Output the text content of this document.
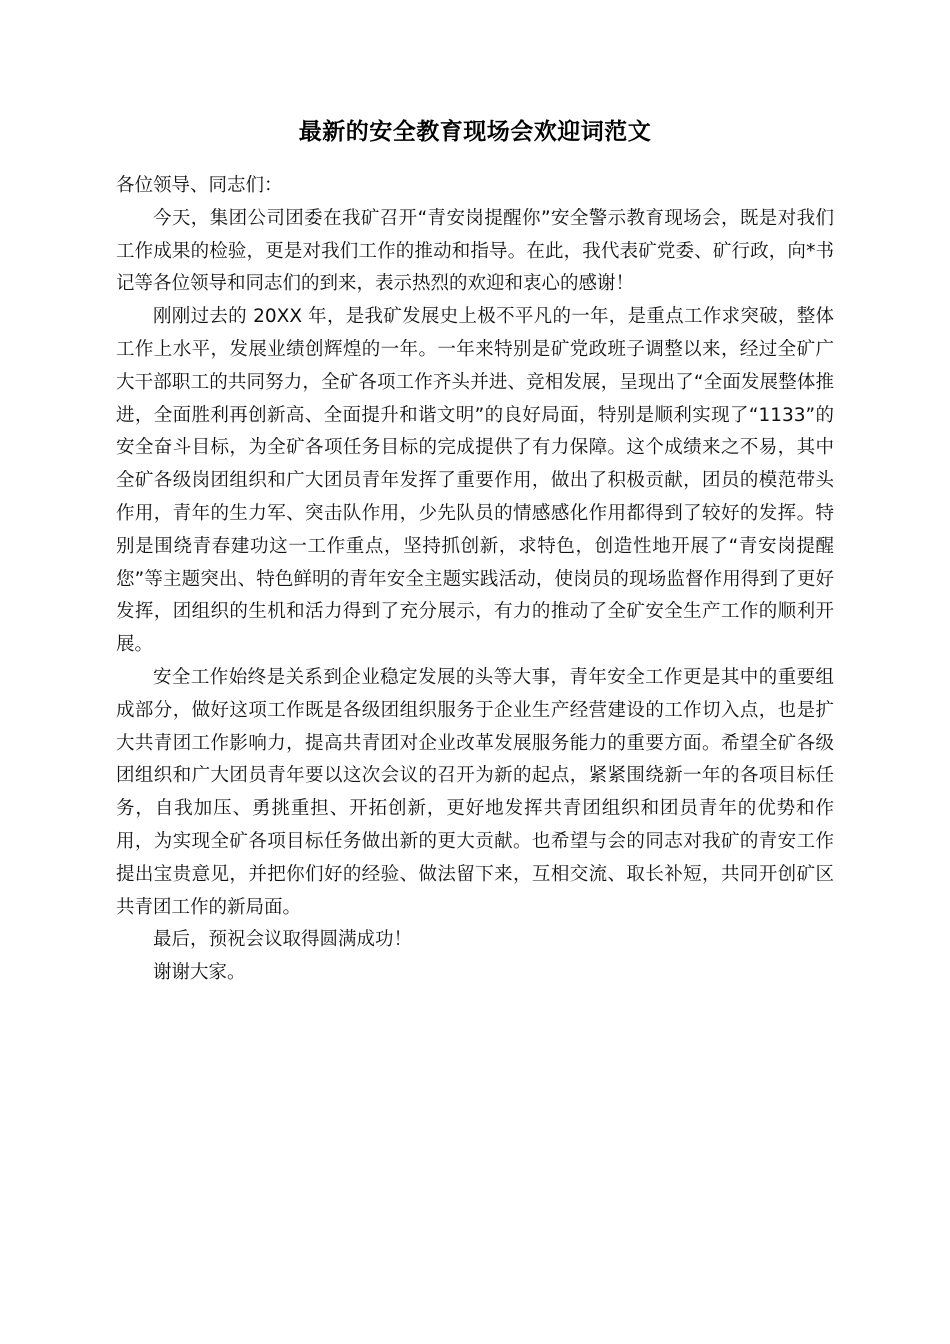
最新的安全教育现场会欢迎词范文

各位领导、同志们：

今天，集团公司团委在我矿召开“青安岗提醒你”安全警示教育现场会，既是对我们工作成果的检验，更是对我们工作的推动和指导。在此，我代表矿党委、矿行政，向*书记等各位领导和同志们的到来，表示热烈的欢迎和衷心的感谢！

刚刚过去的 20XX 年，是我矿发展史上极不平凡的一年，是重点工作求突破，整体工作上水平，发展业绩创辉煌的一年。一年来特别是矿党政班子调整以来，经过全矿广大干部职工的共同努力，全矿各项工作齐头并进、竞相发展，呈现出了“全面发展整体推进，全面胜利再创新高、全面提升和谐文明”的良好局面，特别是顺利实现了“1133”的安全奋斗目标，为全矿各项任务目标的完成提供了有力保障。这个成绩来之不易，其中全矿各级岗团组织和广大团员青年发挥了重要作用，做出了积极贡献，团员的模范带头作用，青年的生力军、突击队作用，少先队员的情感感化作用都得到了较好的发挥。特别是围绕青春建功这一工作重点，坚持抓创新，求特色，创造性地开展了“青安岗提醒您”等主题突出、特色鲜明的青年安全主题实践活动，使岗员的现场监督作用得到了更好发挥，团组织的生机和活力得到了充分展示，有力的推动了全矿安全生产工作的顺利开展。

安全工作始终是关系到企业稳定发展的头等大事，青年安全工作更是其中的重要组成部分，做好这项工作既是各级团组织服务于企业生产经营建设的工作切入点，也是扩大共青团工作影响力，提高共青团对企业改革发展服务能力的重要方面。希望全矿各级团组织和广大团员青年要以这次会议的召开为新的起点，紧紧围绕新一年的各项目标任务，自我加压、勇挑重担、开拓创新，更好地发挥共青团组织和团员青年的优势和作用，为实现全矿各项目标任务做出新的更大贡献。也希望与会的同志对我矿的青安工作提出宝贵意见，并把你们好的经验、做法留下来，互相交流、取长补短，共同开创矿区共青团工作的新局面。

最后，预祝会议取得圆满成功！

谢谢大家。
